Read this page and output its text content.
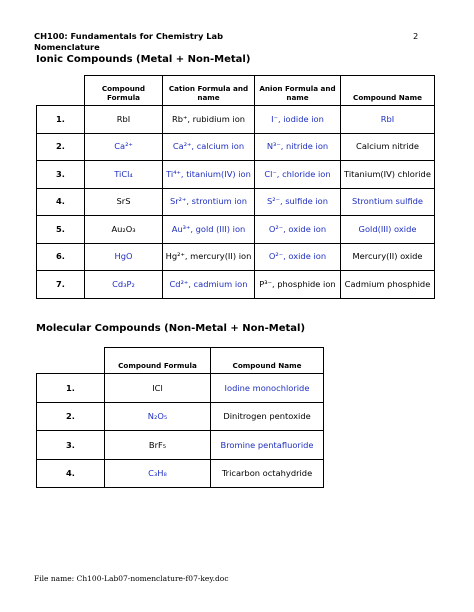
CH100: Fundamentals for Chemistry Lab
Nomenclature
2
Ionic Compounds (Metal + Non-Metal)
	Compound Formula	Cation Formula and name	Anion Formula and name	Compound Name
1.	RbI	Rb⁺, rubidium ion	I⁻, iodide ion	RbI
2.	Ca²⁺	Ca²⁺, calcium ion	N³⁻, nitride ion	Calcium nitride
3.	TiCl₄	Ti⁴⁺, titanium(IV) ion	Cl⁻, chloride ion	Titanium(IV) chloride
4.	SrS	Sr²⁺, strontium ion	S²⁻, sulfide ion	Strontium sulfide
5.	Au₂O₃	Au³⁺, gold (III) ion	O²⁻, oxide ion	Gold(III) oxide
6.	HgO	Hg²⁺, mercury(II) ion	O²⁻, oxide ion	Mercury(II) oxide
7.	Cd₃P₂	Cd²⁺, cadmium ion	P³⁻, phosphide ion	Cadmium phosphide
Molecular Compounds (Non-Metal + Non-Metal)
	Compound Formula	Compound Name
1.	ICl	Iodine monochloride
2.	N₂O₅	Dinitrogen pentoxide
3.	BrF₅	Bromine pentafluoride
4.	C₃H₈	Tricarbon octahydride
File name: Ch100-Lab07-nomenclature-f07-key.doc
